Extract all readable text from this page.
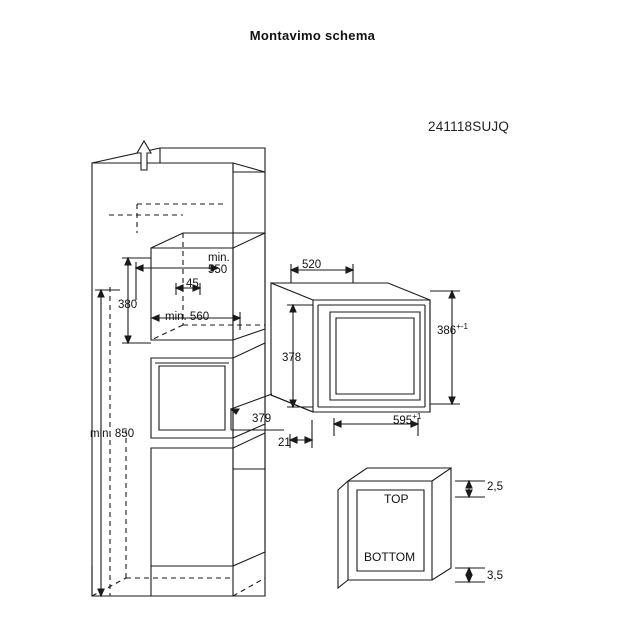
Montavimo schema
241118SUJQ
min.
550
45
min. 560
380
min. 850
520
378
$386^{+-1}$
$595^{+1}$
379
21
TOP
BOTTOM
2,5
3,5
